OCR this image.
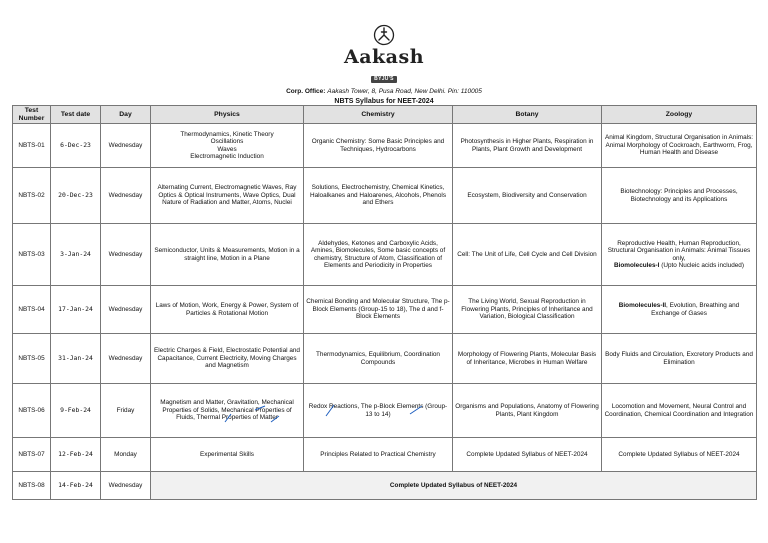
Aakash
BYJU'S
Corp. Office: Aakash Tower, 8, Pusa Road, New Delhi. Pin: 110005
NBTS Syllabus for NEET-2024
Test Number	Test date	Day	Physics	Chemistry	Botany	Zoology
NBTS-01	6-Dec-23	Wednesday	Thermodynamics, Kinetic Theory
Oscillations
Waves
Electromagnetic Induction	Organic Chemistry: Some Basic Principles and Techniques, Hydrocarbons	Photosynthesis in Higher Plants, Respiration in Plants, Plant Growth and Development	Animal Kingdom, Structural Organisation in Animals: Animal Morphology of Cockroach, Earthworm, Frog, Human Health and Disease
NBTS-02	20-Dec-23	Wednesday	Alternating Current, Electromagnetic Waves, Ray Optics & Optical Instruments, Wave Optics, Dual Nature of Radiation and Matter, Atoms, Nuclei	Solutions, Electrochemistry, Chemical Kinetics, Haloalkanes and Haloarenes, Alcohols, Phenols and Ethers	Ecosystem, Biodiversity and Conservation	Biotechnology: Principles and Processes, Biotechnology and its Applications
NBTS-03	3-Jan-24	Wednesday	Semiconductor, Units & Measurements, Motion in a straight line, Motion in a Plane	Aldehydes, Ketones and Carboxylic Acids, Amines, Biomolecules, Some basic concepts of chemistry, Structure of Atom, Classification of Elements and Periodicity in Properties	Cell: The Unit of Life, Cell Cycle and Cell Division	Reproductive Health, Human Reproduction, Structural Organisation in Animals: Animal Tissues only,
Biomolecules-I (Upto Nucleic acids included)
NBTS-04	17-Jan-24	Wednesday	Laws of Motion, Work, Energy & Power, System of Particles & Rotational Motion	Chemical Bonding and Molecular Structure, The p-Block Elements (Group-15 to 18), The d and f-Block Elements	The Living World, Sexual Reproduction in Flowering Plants, Principles of Inheritance and Variation, Biological Classification	Biomolecules-II, Evolution, Breathing and Exchange of Gases
NBTS-05	31-Jan-24	Wednesday	Electric Charges & Field, Electrostatic Potential and Capacitance, Current Electricity, Moving Charges and Magnetism	Thermodynamics, Equilibrium, Coordination Compounds	Morphology of Flowering Plants, Molecular Basis of Inheritance, Microbes in Human Welfare	Body Fluids and Circulation, Excretory Products and Elimination
NBTS-06	9-Feb-24	Friday	Magnetism and Matter, Gravitation, Mechanical Properties of Solids, Mechanical Properties of Fluids, Thermal Properties of Matter	Redox Reactions, The p-Block Elements (Group-13 to 14)	Organisms and Populations, Anatomy of Flowering Plants, Plant Kingdom	Locomotion and Movement, Neural Control and Coordination, Chemical Coordination and Integration
NBTS-07	12-Feb-24	Monday	Experimental Skills	Principles Related to Practical Chemistry	Complete Updated Syllabus of NEET-2024	Complete Updated Syllabus of NEET-2024
NBTS-08	14-Feb-24	Wednesday	Complete Updated Syllabus of NEET-2024			
